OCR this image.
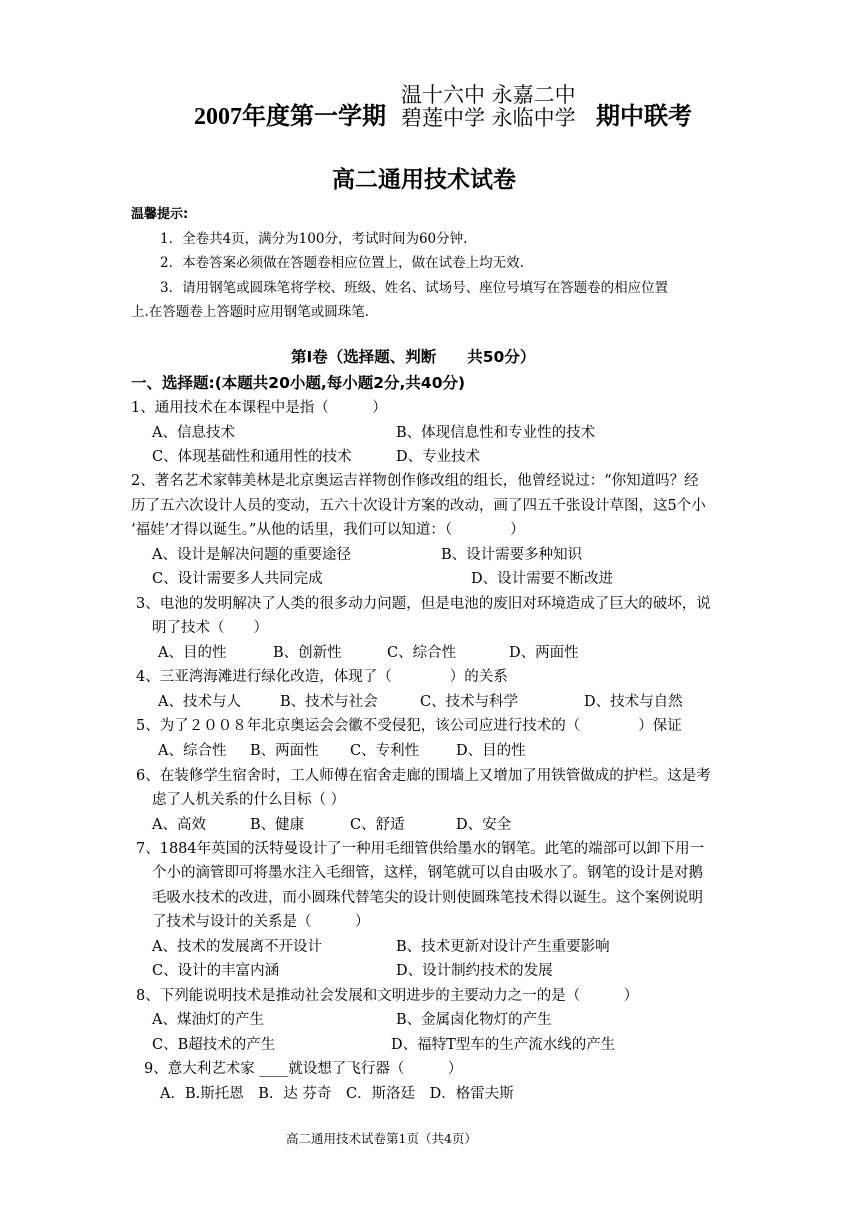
2007年度第一学期
温十六中 永嘉二中
碧莲中学 永临中学 期中联考
高二通用技术试卷
温馨提示:
1．全卷共4页，满分为100分，考试时间为60分钟.
2．本卷答案必须做在答题卷相应位置上，做在试卷上均无效.
3．请用钢笔或圆珠笔将学校、班级、姓名、试场号、座位号填写在答题卷的相应位置
上.在答题卷上答题时应用钢笔或圆珠笔.
第Ⅰ卷（选择题、判断　　共50分）
一、选择题:(本题共20小题,每小题2分,共40分)
1、通用技术在本课程中是指（　　　）
A、信息技术	B、体现信息性和专业性的技术
C、体现基础性和通用性的技术	D、专业技术
2、著名艺术家韩美林是北京奥运吉祥物创作修改组的组长，他曾经说过：“你知道吗？经
历了五六次设计人员的变动，五六十次设计方案的改动，画了四五千张设计草图，这5个小
‘福娃’才得以诞生。”从他的话里，我们可以知道：（　　　　）
A、设计是解决问题的重要途径	B、设计需要多种知识
C、设计需要多人共同完成	D、设计需要不断改进
3、电池的发明解决了人类的很多动力问题，但是电池的废旧对环境造成了巨大的破坏，说
明了技术（　　）
A、目的性	B、创新性	C、综合性	D、两面性
4、三亚湾海滩进行绿化改造，体现了（　　　　）的关系
A、技术与人	B、技术与社会	C、技术与科学	D、技术与自然
5、为了２００８年北京奥运会会徽不受侵犯，该公司应进行技术的（　　　　）保证
A、综合性 B、两面性 C、专利性	D、目的性
6、在装修学生宿舍时，工人师傅在宿舍走廊的围墙上又增加了用铁管做成的护栏。这是考
虑了人机关系的什么目标（ ）
A、高效	B、健康	C、舒适	D、安全
7、1884年英国的沃特曼设计了一种用毛细管供给墨水的钢笔。此笔的端部可以卸下用一
个小的滴管即可将墨水注入毛细管，这样，钢笔就可以自由吸水了。钢笔的设计是对鹅
毛吸水技术的改进，而小圆珠代替笔尖的设计则使圆珠笔技术得以诞生。这个案例说明
了技术与设计的关系是（　　　）
A、技术的发展离不开设计	B、技术更新对设计产生重要影响
C、设计的丰富内涵	D、设计制约技术的发展
8、下列能说明技术是推动社会发展和文明进步的主要动力之一的是（　　　）
A、煤油灯的产生	B、金属卤化物灯的产生
C、B超技术的产生	D、福特T型车的生产流水线的产生
9、意大利艺术家 ____就设想了飞行器（　　　）
A．B.斯托恩　B．达 芬奇　C．斯洛廷　D．格雷夫斯
高二通用技术试卷第1页（共4页）
